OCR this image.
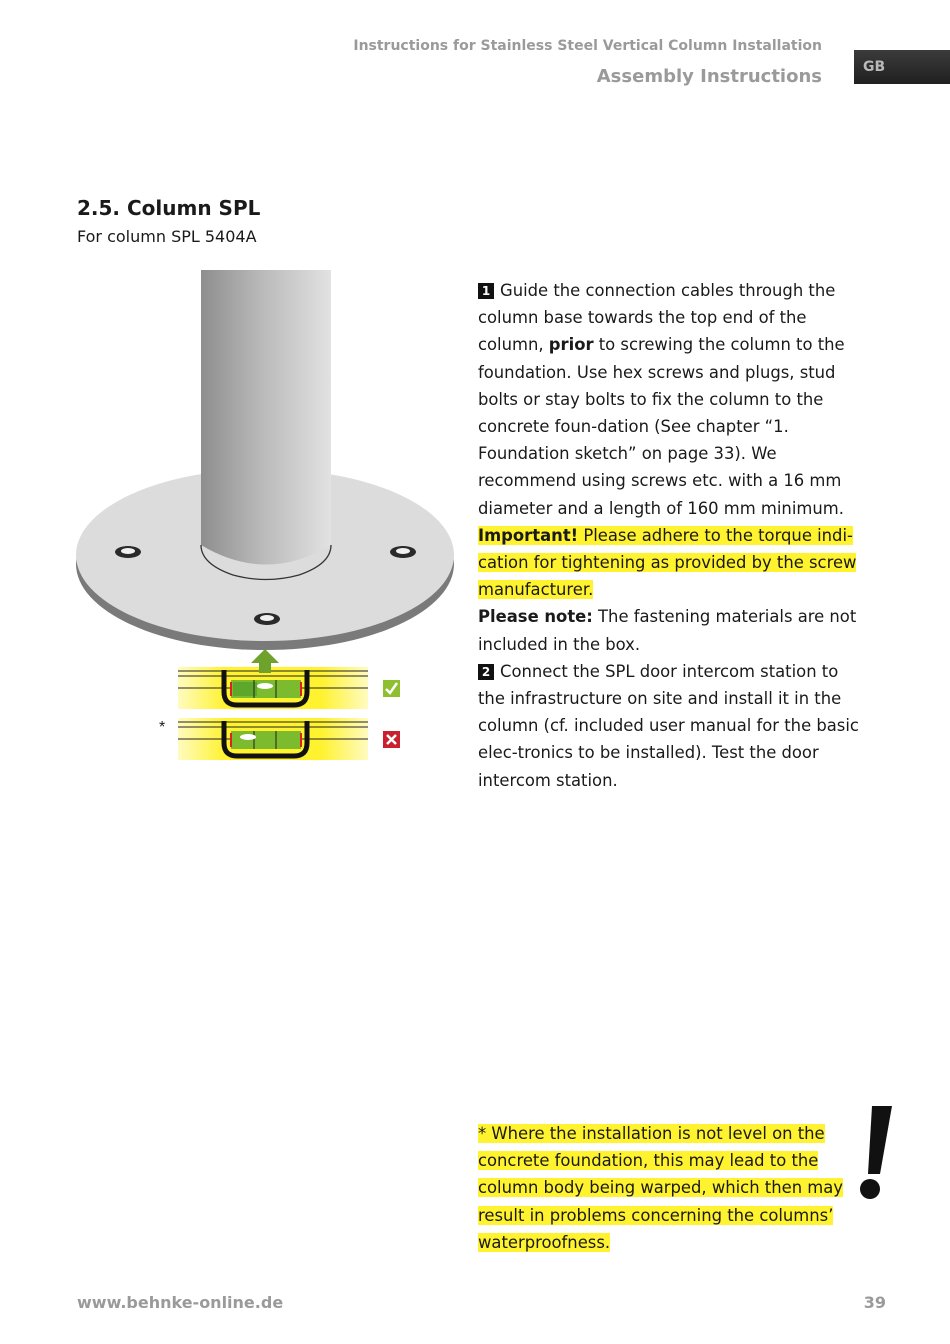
Instructions for Stainless Steel Vertical Column Installation
Assembly Instructions	GB
2.5. Column SPL
For column SPL 5404A
*

1 Guide the connection cables through the column base towards the top end of the column, prior to screwing the column to the foundation. Use hex screws and plugs, stud bolts or stay bolts to fix the column to the concrete foun-dation (See chapter “1. Foundation sketch” on page 33). We recommend using screws etc. with a 16 mm diameter and a length of 160 mm minimum.

Important! Please adhere to the torque indi-cation for tightening as provided by the screw manufacturer.

Please note: The fastening materials are not included in the box.

2 Connect the SPL door intercom station to the infrastructure on site and install it in the column (cf. included user manual for the basic elec-tronics to be installed). Test the door intercom station.

* Where the installation is not level on the concrete foundation, this may lead to the column body being warped, which then may result in problems concerning the columns’ waterproofness.
www.behnke-online.de	39
